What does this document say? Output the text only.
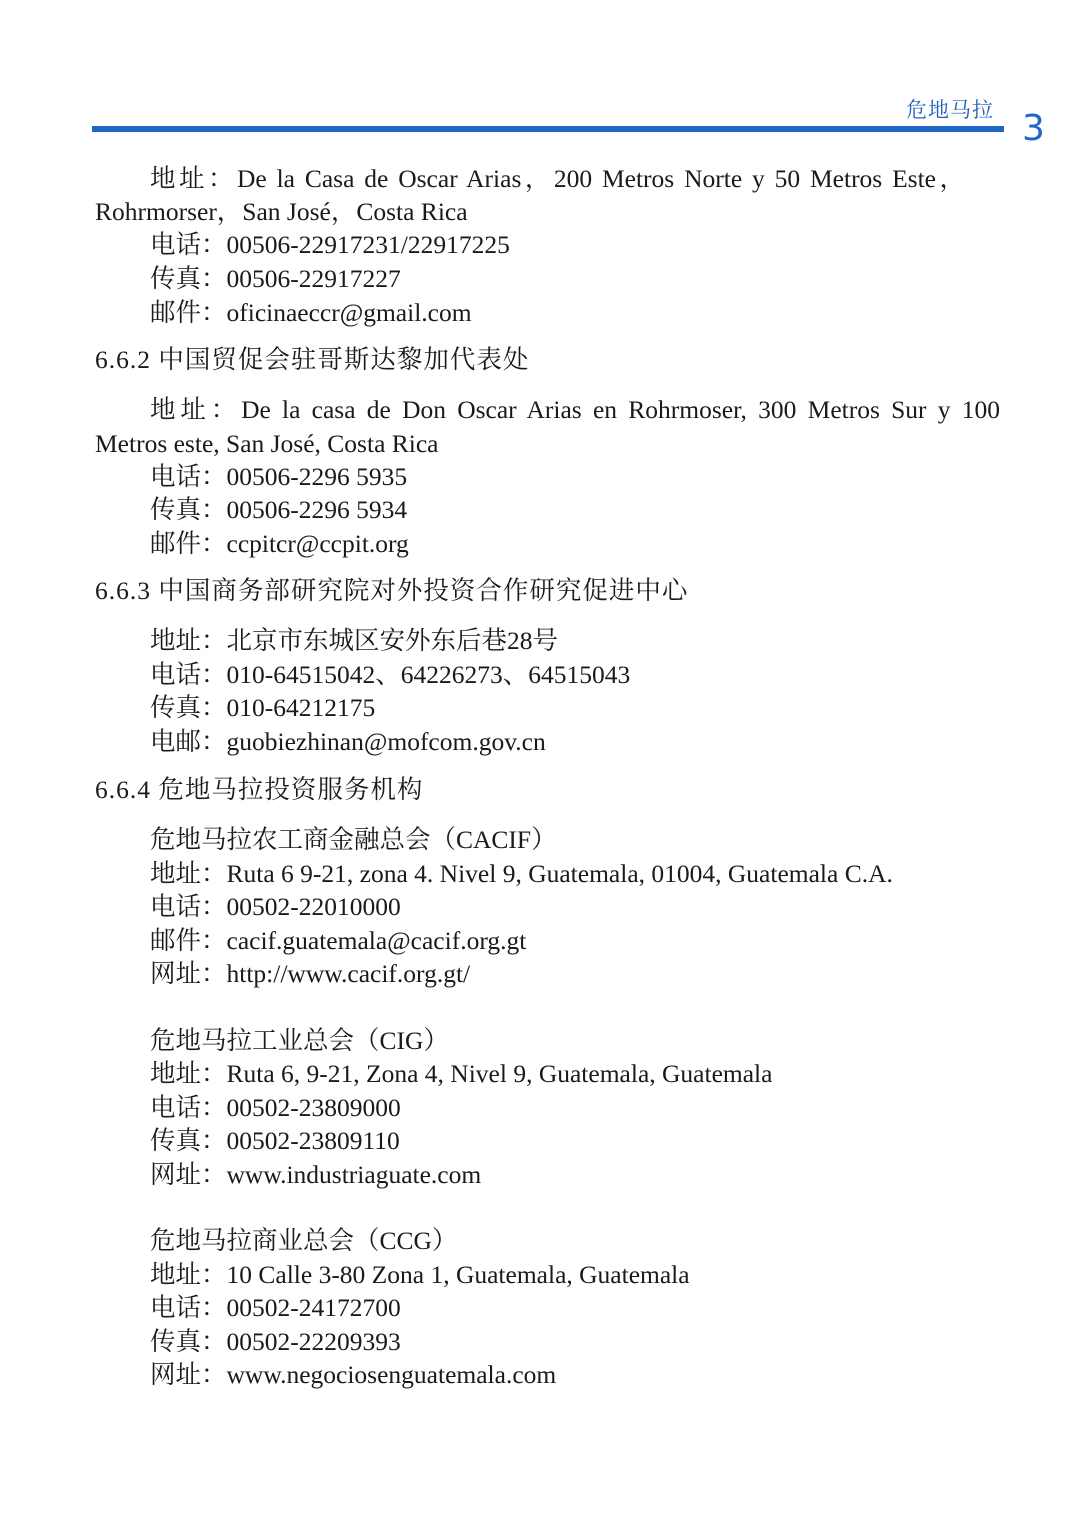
危地马拉 3
地址：De la Casa de Oscar Arias，200 Metros Norte y 50 Metros Este，
Rohrmorser，San José，Costa Rica
电话：00506-22917231/22917225
传真：00506-22917227
邮件：oficinaeccr@gmail.com
6.6.2 中国贸促会驻哥斯达黎加代表处
地址：De la casa de Don Oscar Arias en Rohrmoser, 300 Metros Sur y 100
Metros este, San José, Costa Rica
电话：00506-2296 5935
传真：00506-2296 5934
邮件：ccpitcr@ccpit.org
6.6.3 中国商务部研究院对外投资合作研究促进中心
地址：北京市东城区安外东后巷28号
电话：010-64515042、64226273、64515043
传真：010-64212175
电邮：guobiezhinan@mofcom.gov.cn
6.6.4 危地马拉投资服务机构
危地马拉农工商金融总会（CACIF）
地址：Ruta 6 9-21, zona 4. Nivel 9, Guatemala, 01004, Guatemala C.A.
电话：00502-22010000
邮件：cacif.guatemala@cacif.org.gt
网址：http://www.cacif.org.gt/
危地马拉工业总会（CIG）
地址：Ruta 6, 9-21, Zona 4, Nivel 9, Guatemala, Guatemala
电话：00502-23809000
传真：00502-23809110
网址：www.industriaguate.com
危地马拉商业总会（CCG）
地址：10 Calle 3-80 Zona 1, Guatemala, Guatemala
电话：00502-24172700
传真：00502-22209393
网址：www.negociosenguatemala.com
